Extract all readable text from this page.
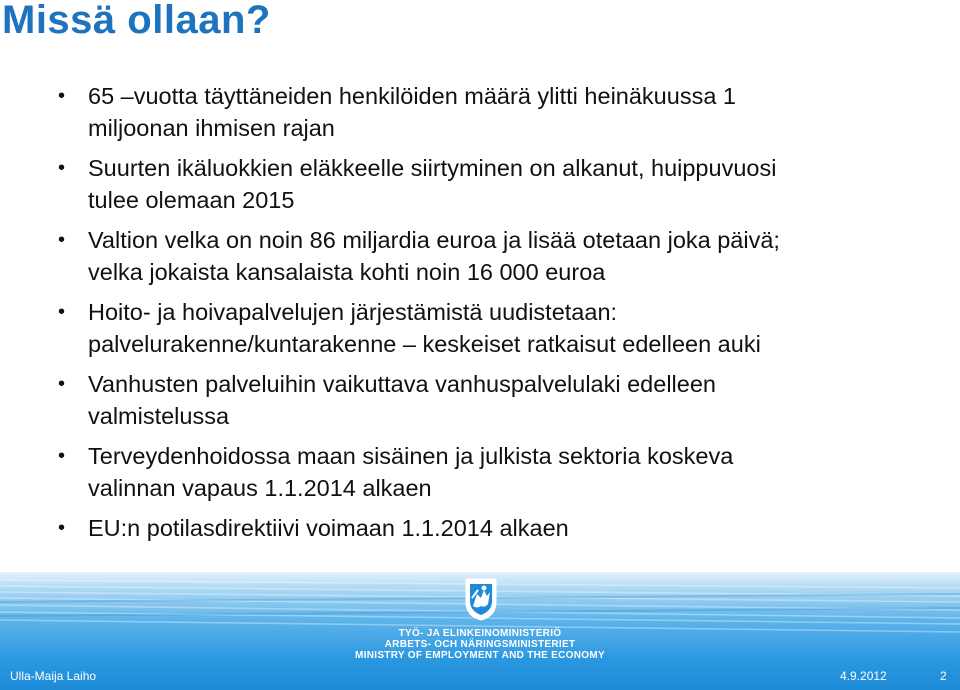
Missä ollaan?
• 65 –vuotta täyttäneiden henkilöiden määrä ylitti heinäkuussa 1
miljoonan ihmisen rajan
• Suurten ikäluokkien eläkkeelle siirtyminen on alkanut, huippuvuosi
tulee olemaan 2015
• Valtion velka on noin 86 miljardia euroa ja lisää otetaan joka päivä;
velka jokaista kansalaista kohti noin 16 000 euroa
• Hoito- ja hoivapalvelujen järjestämistä uudistetaan:
palvelurakenne/kuntarakenne – keskeiset ratkaisut edelleen auki
• Vanhusten palveluihin vaikuttava vanhuspalvelulaki edelleen
valmistelussa
• Terveydenhoidossa maan sisäinen ja julkista sektoria koskeva
valinnan vapaus 1.1.2014 alkaen
• EU:n potilasdirektiivi voimaan 1.1.2014 alkaen
TYÖ- JA ELINKEINOMINISTERIÖ
ARBETS- OCH NÄRINGSMINISTERIET
MINISTRY OF EMPLOYMENT AND THE ECONOMY
Ulla-Maija Laiho	4.9.2012	2
